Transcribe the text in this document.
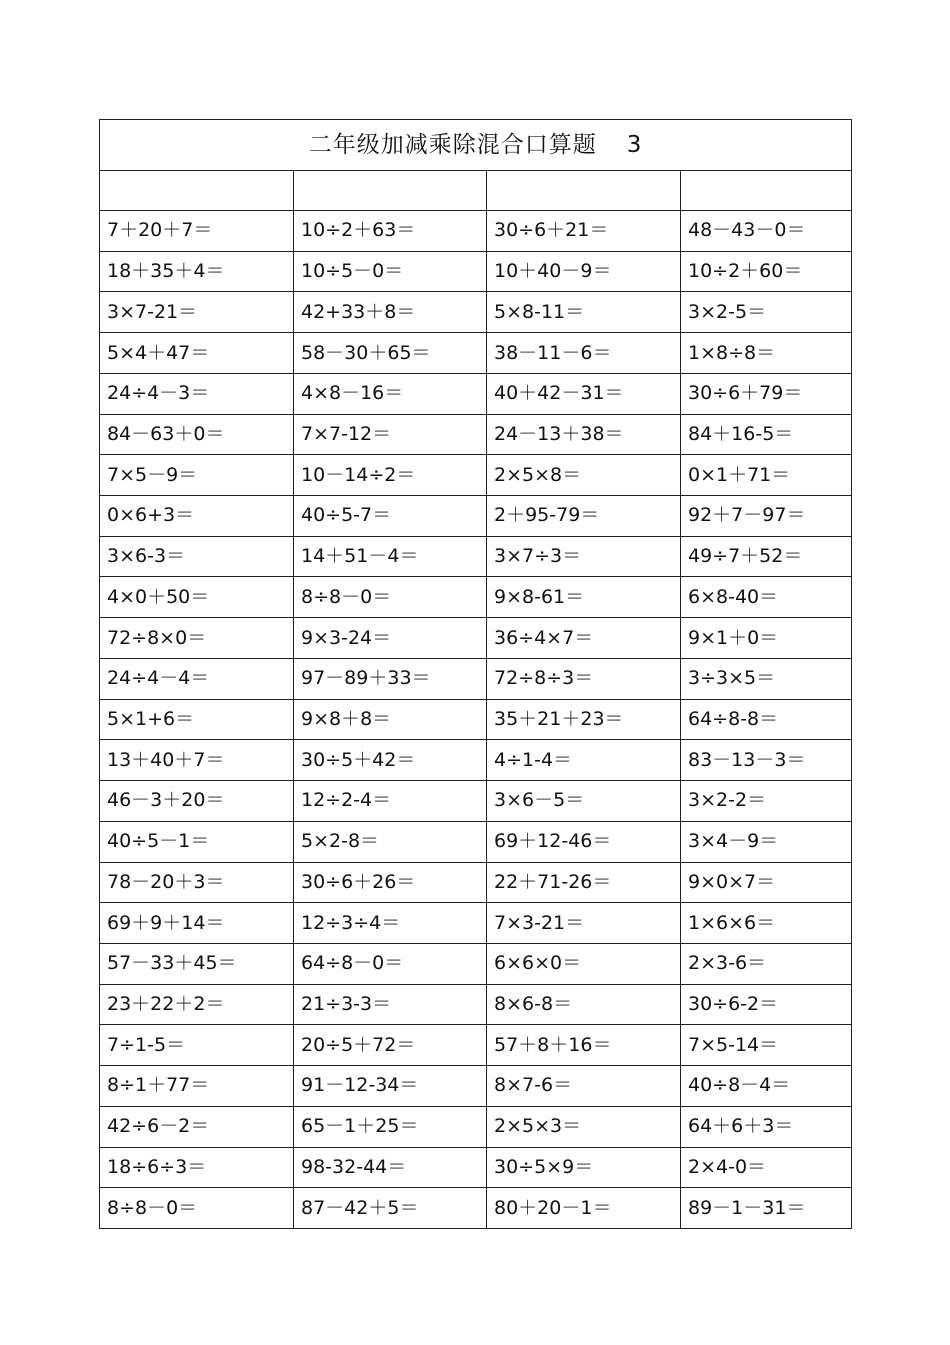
二年级加减乘除混合口算题 3			

7＋20＋7＝	10÷2＋63＝	30÷6＋21＝	48－43－0＝
18＋35＋4＝	10÷5－0＝	10＋40－9＝	10÷2＋60＝
3×7-21＝	42+33＋8＝	5×8-11＝	3×2-5＝
5×4＋47＝	58－30＋65＝	38－11－6＝	1×8÷8＝
24÷4－3＝	4×8－16＝	40＋42－31＝	30÷6＋79＝
84－63＋0＝	7×7-12＝	24－13＋38＝	84＋16-5＝
7×5－9＝	10－14÷2＝	2×5×8＝	0×1＋71＝
0×6+3＝	40÷5-7＝	2＋95-79＝	92＋7－97＝
3×6-3＝	14＋51－4＝	3×7÷3＝	49÷7＋52＝
4×0＋50＝	8÷8－0＝	9×8-61＝	6×8-40＝
72÷8×0＝	9×3-24＝	36÷4×7＝	9×1＋0＝
24÷4－4＝	97－89＋33＝	72÷8÷3＝	3÷3×5＝
5×1+6＝	9×8＋8＝	35＋21＋23＝	64÷8-8＝
13＋40＋7＝	30÷5＋42＝	4÷1-4＝	83－13－3＝
46－3＋20＝	12÷2-4＝	3×6－5＝	3×2-2＝
40÷5－1＝	5×2-8＝	69＋12-46＝	3×4－9＝
78－20＋3＝	30÷6＋26＝	22＋71-26＝	9×0×7＝
69＋9＋14＝	12÷3÷4＝	7×3-21＝	1×6×6＝
57－33＋45＝	64÷8－0＝	6×6×0＝	2×3-6＝
23＋22＋2＝	21÷3-3＝	8×6-8＝	30÷6-2＝
7÷1-5＝	20÷5＋72＝	57＋8＋16＝	7×5-14＝
8÷1＋77＝	91－12-34＝	8×7-6＝	40÷8－4＝
42÷6－2＝	65－1＋25＝	2×5×3＝	64＋6＋3＝
18÷6÷3＝	98-32-44＝	30÷5×9＝	2×4-0＝
8÷8－0＝	87－42＋5＝	80＋20－1＝	89－1－31＝
